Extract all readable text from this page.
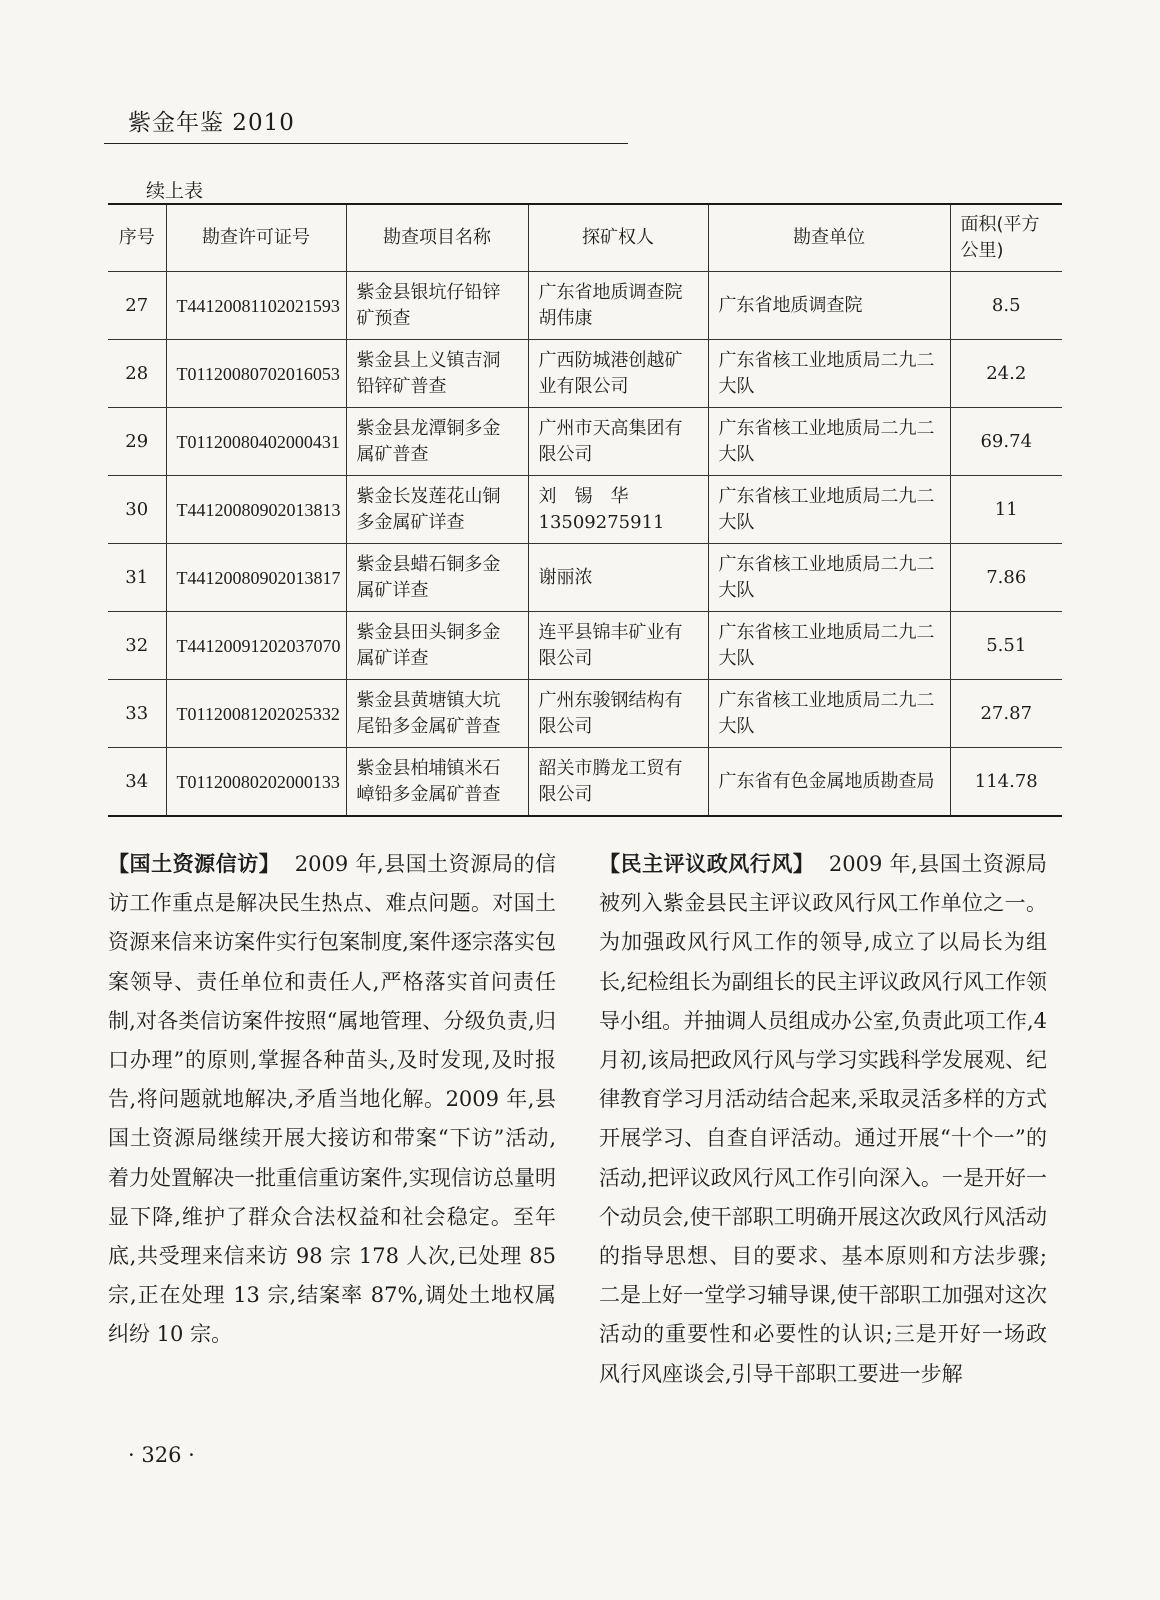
紫金年鉴 2010
续上表
序号	勘查许可证号	勘查项目名称	探矿权人	勘查单位	面积(平方公里)
27	T44120081102021593	紫金县银坑仔铅锌矿预查	广东省地质调查院胡伟康	广东省地质调查院	8.5
28	T01120080702016053	紫金县上义镇吉洞铅锌矿普查	广西防城港创越矿业有限公司	广东省核工业地质局二九二大队	24.2
29	T01120080402000431	紫金县龙潭铜多金属矿普查	广州市天高集团有限公司	广东省核工业地质局二九二大队	69.74
30	T44120080902013813	紫金长岌莲花山铜多金属矿详查	刘　锡　华 13509275911	广东省核工业地质局二九二大队	11
31	T44120080902013817	紫金县蜡石铜多金属矿详查	谢丽浓	广东省核工业地质局二九二大队	7.86
32	T44120091202037070	紫金县田头铜多金属矿详查	连平县锦丰矿业有限公司	广东省核工业地质局二九二大队	5.51
33	T01120081202025332	紫金县黄塘镇大坑尾铅多金属矿普查	广州东骏钢结构有限公司	广东省核工业地质局二九二大队	27.87
34	T01120080202000133	紫金县柏埔镇米石嶂铅多金属矿普查	韶关市腾龙工贸有限公司	广东省有色金属地质勘查局	114.78

【国土资源信访】 2009 年,县国土资源局的信访工作重点是解决民生热点、难点问题。对国土资源来信来访案件实行包案制度,案件逐宗落实包案领导、责任单位和责任人,严格落实首问责任制,对各类信访案件按照“属地管理、分级负责,归口办理”的原则,掌握各种苗头,及时发现,及时报告,将问题就地解决,矛盾当地化解。2009 年,县国土资源局继续开展大接访和带案“下访”活动,着力处置解决一批重信重访案件,实现信访总量明显下降,维护了群众合法权益和社会稳定。至年底,共受理来信来访 98 宗 178 人次,已处理 85 宗,正在处理 13 宗,结案率 87%,调处土地权属纠纷 10 宗。

【民主评议政风行风】 2009 年,县国土资源局被列入紫金县民主评议政风行风工作单位之一。为加强政风行风工作的领导,成立了以局长为组长,纪检组长为副组长的民主评议政风行风工作领导小组。并抽调人员组成办公室,负责此项工作,4 月初,该局把政风行风与学习实践科学发展观、纪律教育学习月活动结合起来,采取灵活多样的方式开展学习、自查自评活动。通过开展“十个一”的活动,把评议政风行风工作引向深入。一是开好一个动员会,使干部职工明确开展这次政风行风活动的指导思想、目的要求、基本原则和方法步骤;二是上好一堂学习辅导课,使干部职工加强对这次活动的重要性和必要性的认识;三是开好一场政风行风座谈会,引导干部职工要进一步解

· 326 ·
